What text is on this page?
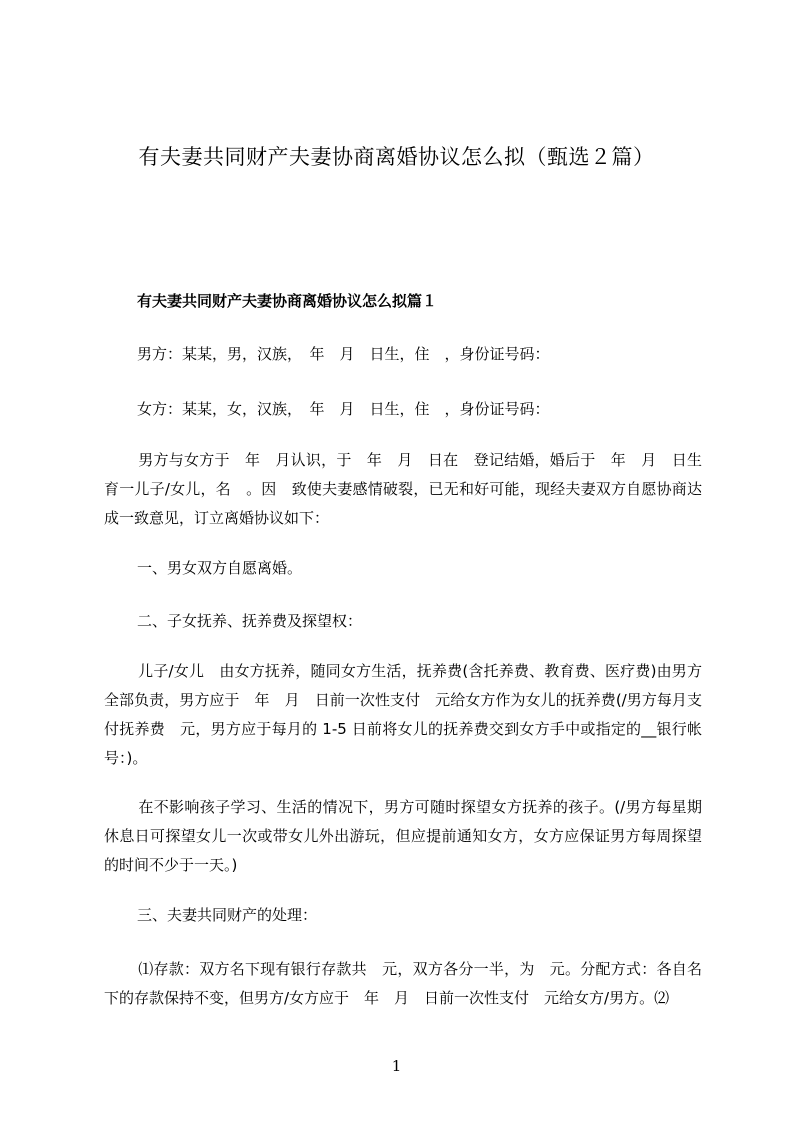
有夫妻共同财产夫妻协商离婚协议怎么拟（甄选２篇）
有夫妻共同财产夫妻协商离婚协议怎么拟篇１
男方：某某，男，汉族，　年　月　日生，住　，身份证号码：
女方：某某，女，汉族，　年　月　日生，住　，身份证号码：
男方与女方于　年　月认识，于　年　月　日在　登记结婚，婚后于　年　月　日生育一儿子/女儿，名　。因　致使夫妻感情破裂，已无和好可能，现经夫妻双方自愿协商达成一致意见，订立离婚协议如下：
一、男女双方自愿离婚。
二、子女抚养、抚养费及探望权：
儿子/女儿　由女方抚养，随同女方生活，抚养费(含托养费、教育费、医疗费)由男方全部负责，男方应于　年　月　日前一次性支付　元给女方作为女儿的抚养费(/男方每月支付抚养费　元，男方应于每月的 1-5 日前将女儿的抚养费交到女方手中或指定的__银行帐号：)。
在不影响孩子学习、生活的情况下，男方可随时探望女方抚养的孩子。(/男方每星期休息日可探望女儿一次或带女儿外出游玩，但应提前通知女方，女方应保证男方每周探望的时间不少于一天。)
三、夫妻共同财产的处理：
⑴存款：双方名下现有银行存款共　元，双方各分一半，为　元。分配方式：各自名下的存款保持不变，但男方/女方应于　年　月　日前一次性支付　元给女方/男方。⑵
1
